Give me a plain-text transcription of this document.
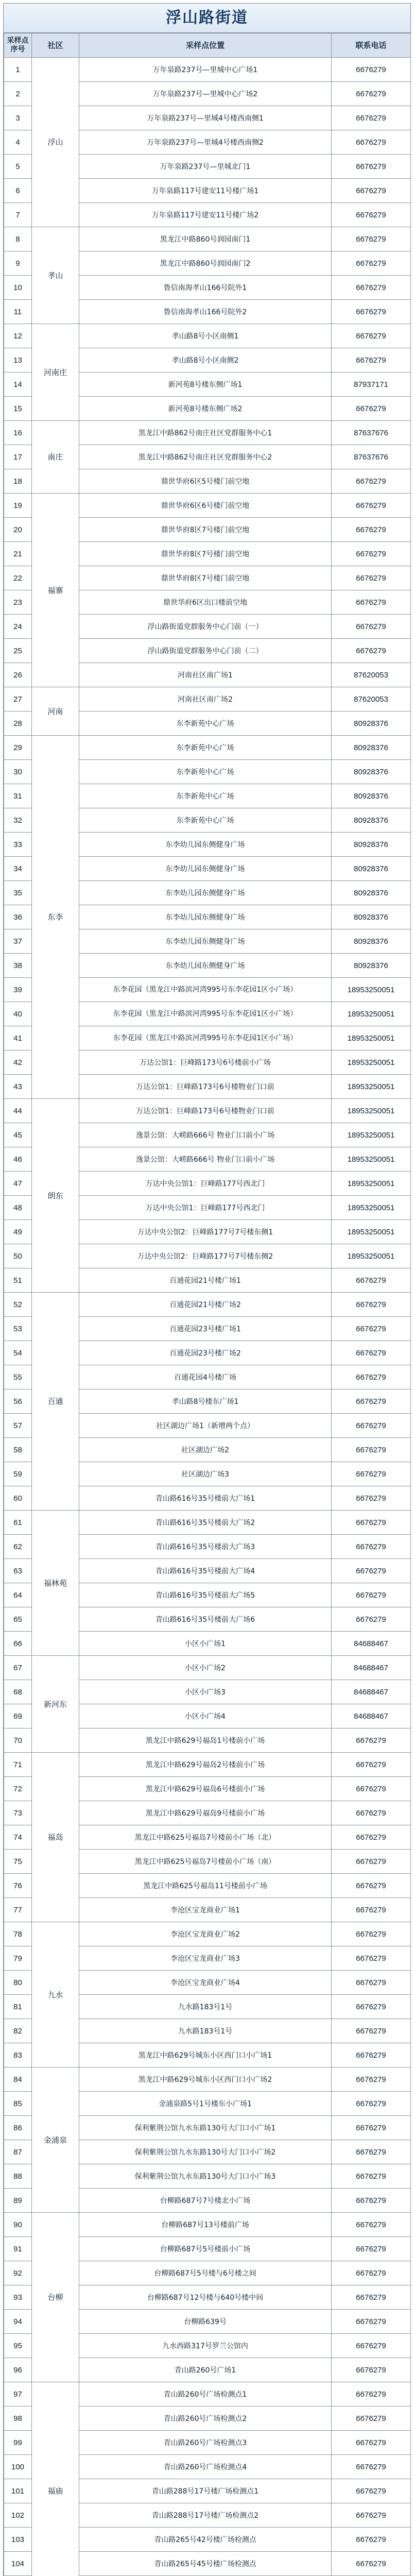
浮山路街道
采样点序号	社区	采样点位置	联系电话
1	浮山	万年泉路237号—里城中心广场1	6676279
2		万年泉路237号—里城中心广场2	6676279
3		万年泉路237号—里城4号楼西南侧1	6676279
4		万年泉路237号—里城4号楼西南侧2	6676279
5		万年泉路237号—里城北门1	6676279
6		万年泉路117号建安11号楼广场1	6676279
7		万年泉路117号建安11号楼广场2	6676279
8	孝山	黑龙江中路860号润园南门1	6676279
9		黑龙江中路860号润园南门2	6676279
10		鲁信南海孝山166号院外1	6676279
11		鲁信南海孝山166号院外2	6676279
12	河南庄	孝山路8号小区南侧1	6676279
13		孝山路8号小区南侧2	6676279
14		新河苑8号楼东侧广场1	87937171
15		新河苑8号楼东侧广场2	6676279
16	南庄	黑龙江中路862号南庄社区党群服务中心1	87637676
17		黑龙江中路862号南庄社区党群服务中心2	87637676
18		鼎世华府6区5号楼门前空地	6676279
19	福寨	鼎世华府6区6号楼门前空地	6676279
20		鼎世华府8区7号楼门前空地	6676279
21		鼎世华府8区7号楼门前空地	6676279
22		鼎世华府8区7号楼门前空地	6676279
23		鼎世华府6区出口楼前空地	6676279
24		浮山路街道党群服务中心门前（一）	6676279
25		浮山路街道党群服务中心门前（二）	6676279
26		河南社区南广场1	87620053
27	河南	河南社区南广场2	87620053
28		东李新苑中心广场	80928376
29	东李	东李新苑中心广场	80928376
30		东李新苑中心广场	80928376
31		东李新苑中心广场	80928376
32		东李新苑中心广场	80928376
33		东李幼儿园东侧健身广场	80928376
34		东李幼儿园东侧健身广场	80928376
35		东李幼儿园东侧健身广场	80928376
36		东李幼儿园东侧健身广场	80928376
37		东李幼儿园东侧健身广场	80928376
38		东李幼儿园东侧健身广场	80928376
39		东李花园（黑龙江中路滨河湾995号东李花园1区小广场）	18953250051
40		东李花园（黑龙江中路滨河湾995号东李花园1区小广场）	18953250051
41		东李花园（黑龙江中路滨河湾995号东李花园1区小广场）	18953250051
42		万达公馆1：巨峰路173号6号楼前小广场	18953250051
43		万达公馆1：巨峰路173号6号楼物业门口前	18953250051
44	朗东	万达公馆1：巨峰路173号6号楼物业门口前	18953250051
45		逸景公馆：大崂路666号 物业门口前小广场	18953250051
46		逸景公馆：大崂路666号 物业门口前小广场	18953250051
47		万达中央公馆1：巨峰路177号西北门	18953250051
48		万达中央公馆1：巨峰路177号西北门	18953250051
49		万达中央公馆2：巨峰路177号7号楼东侧1	18953250051
50		万达中央公馆2：巨峰路177号7号楼东侧2	18953250051
51		百通花园21号楼广场1	6676279
52	百通	百通花园21号楼广场2	6676279
53		百通花园23号楼广场1	6676279
54		百通花园23号楼广场2	6676279
55		百通花园4号楼广场	6676279
56		孝山路8号楼东广场1	6676279
57		社区湖边广场1（新增两个点）	6676279
58		社区湖边广场2	6676279
59		社区湖边广场3	6676279
60		青山路616号35号楼前大广场1	6676279
61	福林苑	青山路616号35号楼前大广场2	6676279
62		青山路616号35号楼前大广场3	6676279
63		青山路616号35号楼前大广场4	6676279
64		青山路616号35号楼前大广场5	6676279
65		青山路616号35号楼前大广场6	6676279
66		小区小广场1	84688467
67	新河东	小区小广场2	84688467
68		小区小广场3	84688467
69		小区小广场4	84688467
70		黑龙江中路629号福岛1号楼前小广场	6676279
71	福岛	黑龙江中路629号福岛2号楼前小广场	6676279
72		黑龙江中路629号福岛6号楼前小广场	6676279
73		黑龙江中路629号福岛9号楼前小广场	6676279
74		黑龙江中路625号福岛7号楼前小广场（北）	6676279
75		黑龙江中路625号福岛7号楼前小广场（南）	6676279
76		黑龙江中路625号福岛11号楼前小广场	6676279
77		李沧区宝龙商业广场1	6676279
78	九水	李沧区宝龙商业广场2	6676279
79		李沧区宝龙商业广场3	6676279
80		李沧区宝龙商业广场4	6676279
81		九水路183号1号	6676279
82		九水路183号1号	6676279
83		黑龙江中路629号城东小区西门口小广场1	6676279
84	金浦泉	黑龙江中路629号城东小区西门口小广场2	6676279
85		金浦泉路5号1号楼东小广场1	6676279
86		保利紫荆公馆九水东路130号大门口小广场1	6676279
87		保利紫荆公馆九水东路130号大门口小广场2	6676279
88		保利紫荆公馆九水东路130号大门口小广场3	6676279
89		台柳路687号7号楼北小广场	6676279
90	台柳	台柳路687号13号楼前广场	6676279
91		台柳路687号5号楼前小广场	6676279
92		台柳路687号5号楼与6号楼之间	6676279
93		台柳路687号12号楼与640号楼中间	6676279
94		台柳路639号	6676279
95		九水西路317号罗兰公馆内	6676279
96		青山路260号广场1	6676279
97	福庙	青山路260号广场检测点1	6676279
98		青山路260号广场检测点2	6676279
99		青山路260号广场检测点3	6676279
100		青山路260号广场检测点4	6676279
101		青山路288号17号楼广场检测点1	6676279
102		青山路288号17号楼广场检测点2	6676279
103		青山路265号42号楼广场检测点	6676279
104		青山路265号45号楼广场检测点	6676279
